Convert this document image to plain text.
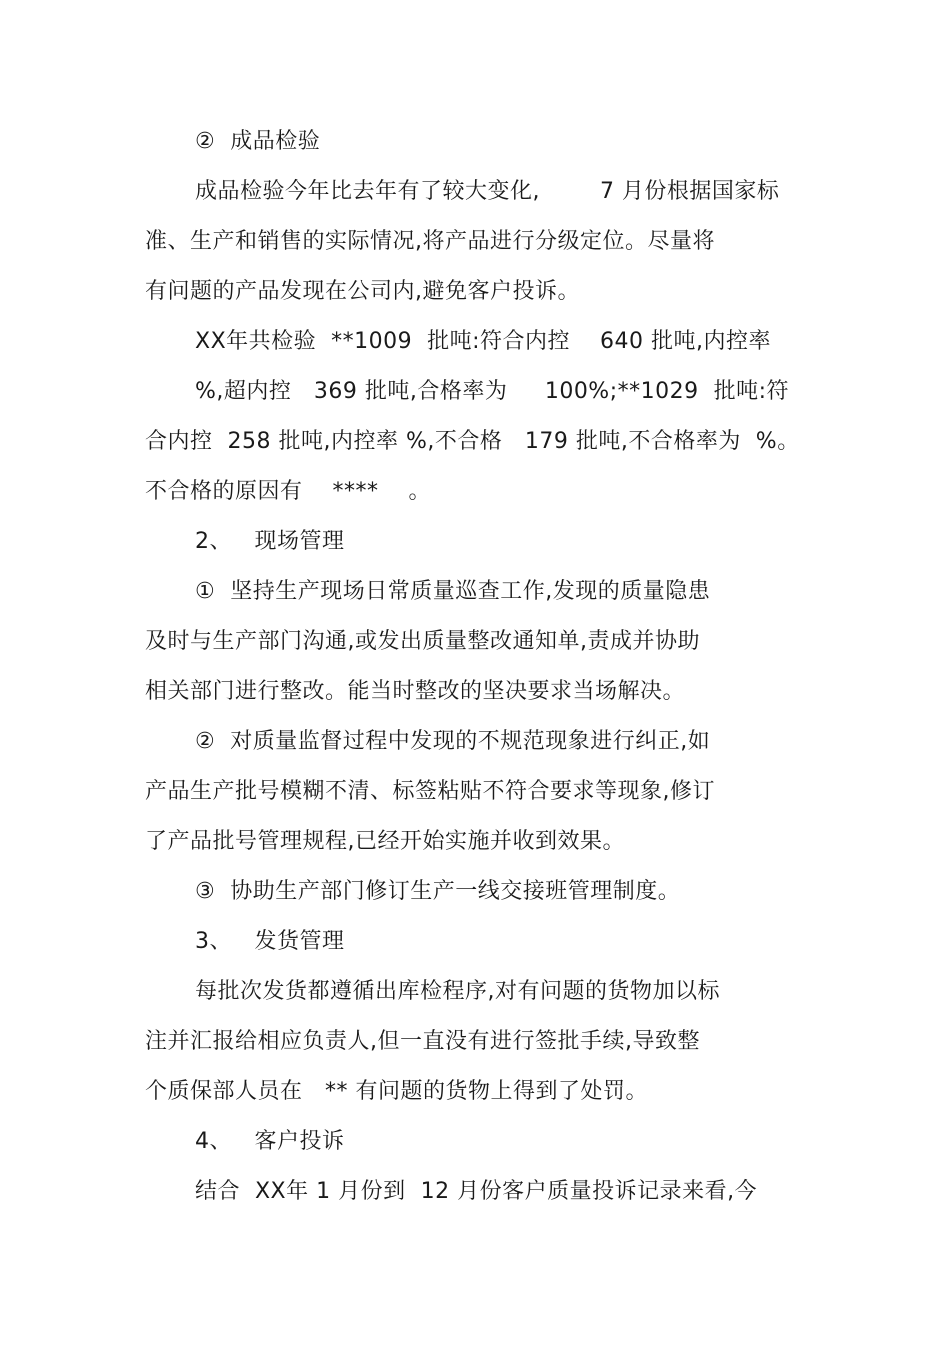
②  成品检验
成品检验今年比去年有了较大变化,        7 月份根据国家标
准、生产和销售的实际情况,将产品进行分级定位。尽量将
有问题的产品发现在公司内,避免客户投诉。
XX年共检验  **1009  批吨:符合内控    640 批吨,内控率
%,超内控   369 批吨,合格率为     100%;**1029  批吨:符
合内控  258 批吨,内控率 %,不合格   179 批吨,不合格率为  %。
不合格的原因有    ****    。
2、   现场管理
①  坚持生产现场日常质量巡查工作,发现的质量隐患
及时与生产部门沟通,或发出质量整改通知单,责成并协助
相关部门进行整改。能当时整改的坚决要求当场解决。
②  对质量监督过程中发现的不规范现象进行纠正,如
产品生产批号模糊不清、标签粘贴不符合要求等现象,修订
了产品批号管理规程,已经开始实施并收到效果。
③  协助生产部门修订生产一线交接班管理制度。
3、   发货管理
每批次发货都遵循出库检程序,对有问题的货物加以标
注并汇报给相应负责人,但一直没有进行签批手续,导致整
个质保部人员在   ** 有问题的货物上得到了处罚。
4、   客户投诉
结合  XX年 1 月份到  12 月份客户质量投诉记录来看,今
